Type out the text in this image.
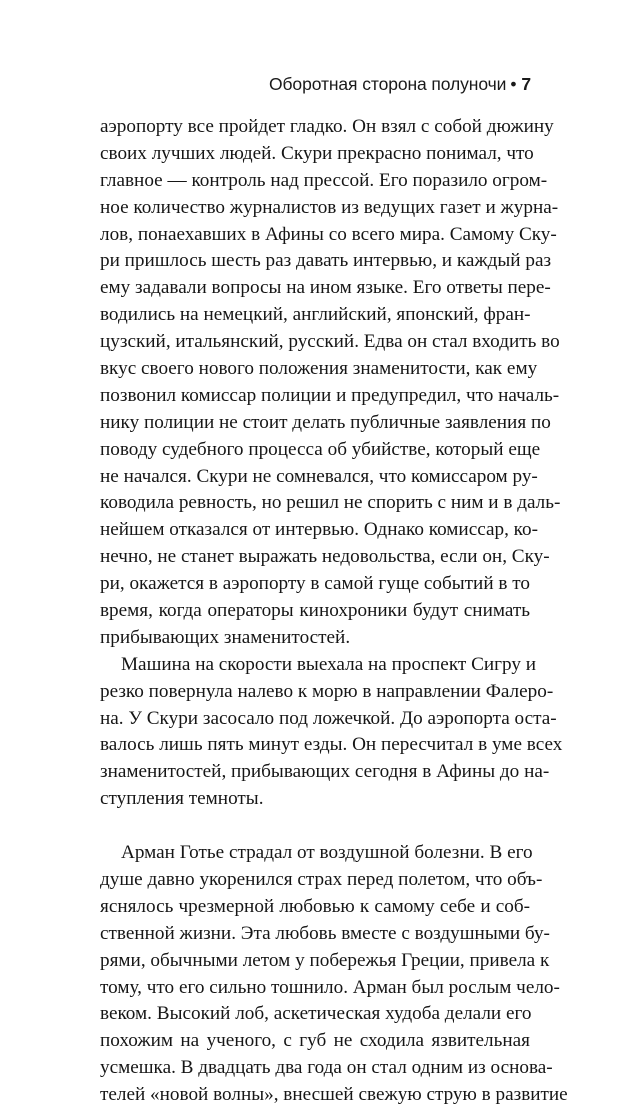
Оборотная сторона полуночи • 7
аэропорту все пройдет гладко. Он взял с собой дюжину
своих лучших людей. Скури прекрасно понимал, что
главное — контроль над прессой. Его поразило огром-
ное количество журналистов из ведущих газет и журна-
лов, понаехавших в Афины со всего мира. Самому Ску-
ри пришлось шесть раз давать интервью, и каждый раз
ему задавали вопросы на ином языке. Его ответы пере-
водились на немецкий, английский, японский, фран-
цузский, итальянский, русский. Едва он стал входить во
вкус своего нового положения знаменитости, как ему
позвонил комиссар полиции и предупредил, что началь-
нику полиции не стоит делать публичные заявления по
поводу судебного процесса об убийстве, который еще
не начался. Скури не сомневался, что комиссаром ру-
ководила ревность, но решил не спорить с ним и в даль-
нейшем отказался от интервью. Однако комиссар, ко-
нечно, не станет выражать недовольства, если он, Ску-
ри, окажется в аэропорту в самой гуще событий в то
время, когда операторы кинохроники будут снимать
прибывающих знаменитостей.
Машина на скорости выехала на проспект Сигру и
резко повернула налево к морю в направлении Фалеро-
на. У Скури засосало под ложечкой. До аэропорта оста-
валось лишь пять минут езды. Он пересчитал в уме всех
знаменитостей, прибывающих сегодня в Афины до на-
ступления темноты.
Арман Готье страдал от воздушной болезни. В его
душе давно укоренился страх перед полетом, что объ-
яснялось чрезмерной любовью к самому себе и соб-
ственной жизни. Эта любовь вместе с воздушными бу-
рями, обычными летом у побережья Греции, привела к
тому, что его сильно тошнило. Арман был рослым чело-
веком. Высокий лоб, аскетическая худоба делали его
похожим на ученого, с губ не сходила язвительная
усмешка. В двадцать два года он стал одним из основа-
телей «новой волны», внесшей свежую струю в развитие
